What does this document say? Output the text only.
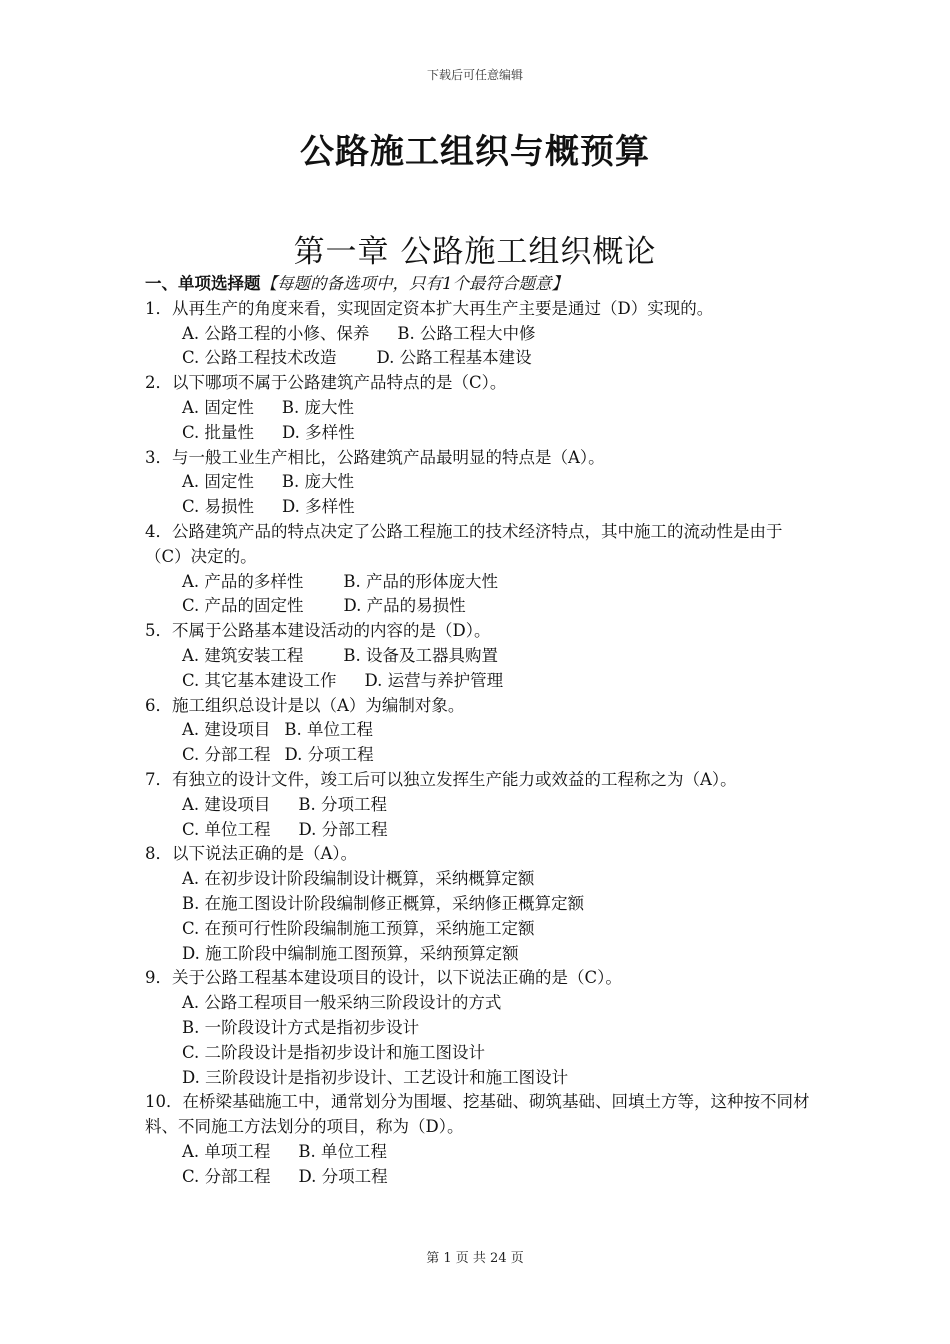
下载后可任意编辑
公路施工组织与概预算
第一章 公路施工组织概论
一、单项选择题【每题的备选项中，只有1个最符合题意】

1．从再生产的角度来看，实现固定资本扩大再生产主要是通过（D）实现的。

A. 公路工程的小修、保养 B. 公路工程大中修
C. 公路工程技术改造 D. 公路工程基本建设

2．以下哪项不属于公路建筑产品特点的是（C）。

A. 固定性 B. 庞大性
C. 批量性 D. 多样性

3．与一般工业生产相比，公路建筑产品最明显的特点是（A）。

A. 固定性 B. 庞大性
C. 易损性 D. 多样性

4．公路建筑产品的特点决定了公路工程施工的技术经济特点，其中施工的流动性是由于（C）决定的。

A. 产品的多样性 B. 产品的形体庞大性
C. 产品的固定性 D. 产品的易损性

5．不属于公路基本建设活动的内容的是（D）。

A. 建筑安装工程 B. 设备及工器具购置
C. 其它基本建设工作 D. 运营与养护管理

6．施工组织总设计是以（A）为编制对象。

A. 建设项目 B. 单位工程
C. 分部工程 D. 分项工程

7．有独立的设计文件，竣工后可以独立发挥生产能力或效益的工程称之为（A）。

A. 建设项目 B. 分项工程
C. 单位工程 D. 分部工程

8．以下说法正确的是（A）。

A. 在初步设计阶段编制设计概算，采纳概算定额
B. 在施工图设计阶段编制修正概算，采纳修正概算定额
C. 在预可行性阶段编制施工预算，采纳施工定额
D. 施工阶段中编制施工图预算，采纳预算定额

9．关于公路工程基本建设项目的设计，以下说法正确的是（C）。

A. 公路工程项目一般采纳三阶段设计的方式
B. 一阶段设计方式是指初步设计
C. 二阶段设计是指初步设计和施工图设计
D. 三阶段设计是指初步设计、工艺设计和施工图设计

10．在桥梁基础施工中，通常划分为围堰、挖基础、砌筑基础、回填土方等，这种按不同材料、不同施工方法划分的项目，称为（D）。

A. 单项工程 B. 单位工程
C. 分部工程 D. 分项工程
第 1 页 共 24 页
